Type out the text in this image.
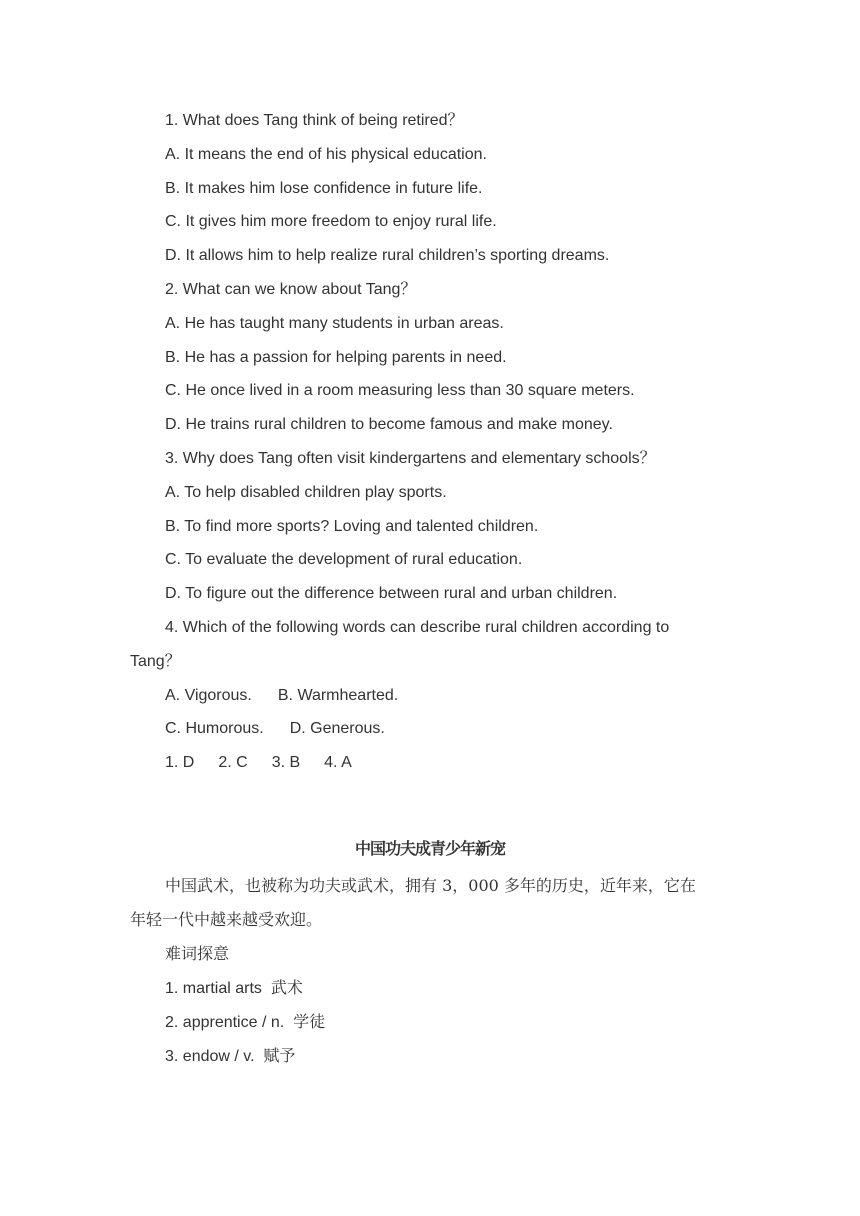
1. What does Tang think of being retired？
A. It means the end of his physical education.
B. It makes him lose confidence in future life.
C. It gives him more freedom to enjoy rural life.
D. It allows him to help realize rural children’s sporting dreams.
2. What can we know about Tang？
A. He has taught many students in urban areas.
B. He has a passion for helping parents in need.
C. He once lived in a room measuring less than 30 square meters.
D. He trains rural children to become famous and make money.
3. Why does Tang often visit kindergartens and elementary schools？
A. To help disabled children play sports.
B. To find more sports? Loving and talented children.
C. To evaluate the development of rural education.
D. To figure out the difference between rural and urban children.
4. Which of the following words can describe rural children according to
Tang？
A. Vigorous. B. Warmhearted.
C. Humorous. D. Generous.
1. D 2. C 3. B 4. A
中国功夫成青少年新宠
中国武术，也被称为功夫或武术，拥有 3，000 多年的历史，近年来，它在
年轻一代中越来越受欢迎。
难词探意
1. martial arts 武术
2. apprentice / n. 学徒
3. endow / v. 赋予
